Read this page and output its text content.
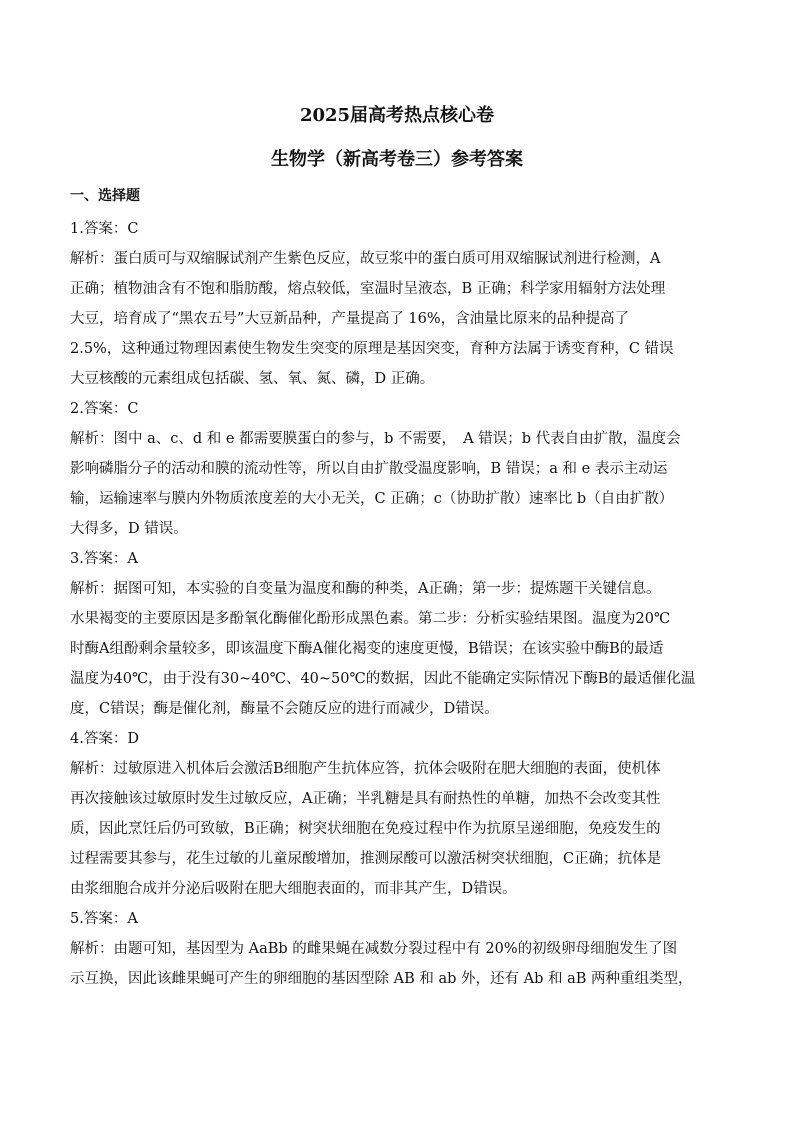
2025届高考热点核心卷
生物学（新高考卷三）参考答案
一、选择题

1.答案：C

解析：蛋白质可与双缩脲试剂产生紫色反应，故豆浆中的蛋白质可用双缩脲试剂进行检测，A

正确；植物油含有不饱和脂肪酸，熔点较低，室温时呈液态，B 正确；科学家用辐射方法处理

大豆，培育成了“黑农五号”大豆新品种，产量提高了 16%，含油量比原来的品种提高了

2.5%，这种通过物理因素使生物发生突变的原理是基因突变，育种方法属于诱变育种，C 错误

大豆核酸的元素组成包括碳、氢、氧、氮、磷，D 正确。

2.答案：C

解析：图中 a、c、d 和 e 都需要膜蛋白的参与，b 不需要，　A 错误；b 代表自由扩散，温度会

影响磷脂分子的活动和膜的流动性等，所以自由扩散受温度影响，B 错误；a 和 e 表示主动运

输，运输速率与膜内外物质浓度差的大小无关，C 正确；c（协助扩散）速率比 b（自由扩散）

大得多，D 错误。

3.答案：A

解析：据图可知，本实验的自变量为温度和酶的种类，A正确；第一步：提炼题干关键信息。

水果褐变的主要原因是多酚氧化酶催化酚形成黑色素。第二步：分析实验结果图。温度为20℃

时酶A组酚剩余量较多，即该温度下酶A催化褐变的速度更慢，B错误；在该实验中酶B的最适

温度为40℃，由于没有30~40℃、40~50℃的数据，因此不能确定实际情况下酶B的最适催化温

度，C错误；酶是催化剂，酶量不会随反应的进行而减少，D错误。

4.答案：D

解析：过敏原进入机体后会激活B细胞产生抗体应答，抗体会吸附在肥大细胞的表面，使机体

再次接触该过敏原时发生过敏反应，A正确；半乳糖是具有耐热性的单糖，加热不会改变其性

质，因此烹饪后仍可致敏，B正确；树突状细胞在免疫过程中作为抗原呈递细胞，免疫发生的

过程需要其参与，花生过敏的儿童尿酸增加，推测尿酸可以激活树突状细胞，C正确；抗体是

由浆细胞合成并分泌后吸附在肥大细胞表面的，而非其产生，D错误。

5.答案：A

解析：由题可知，基因型为 AaBb 的雌果蝇在减数分裂过程中有 20%的初级卵母细胞发生了图

示互换，因此该雌果蝇可产生的卵细胞的基因型除 AB 和 ab 外，还有 Ab 和 aB 两种重组类型，
